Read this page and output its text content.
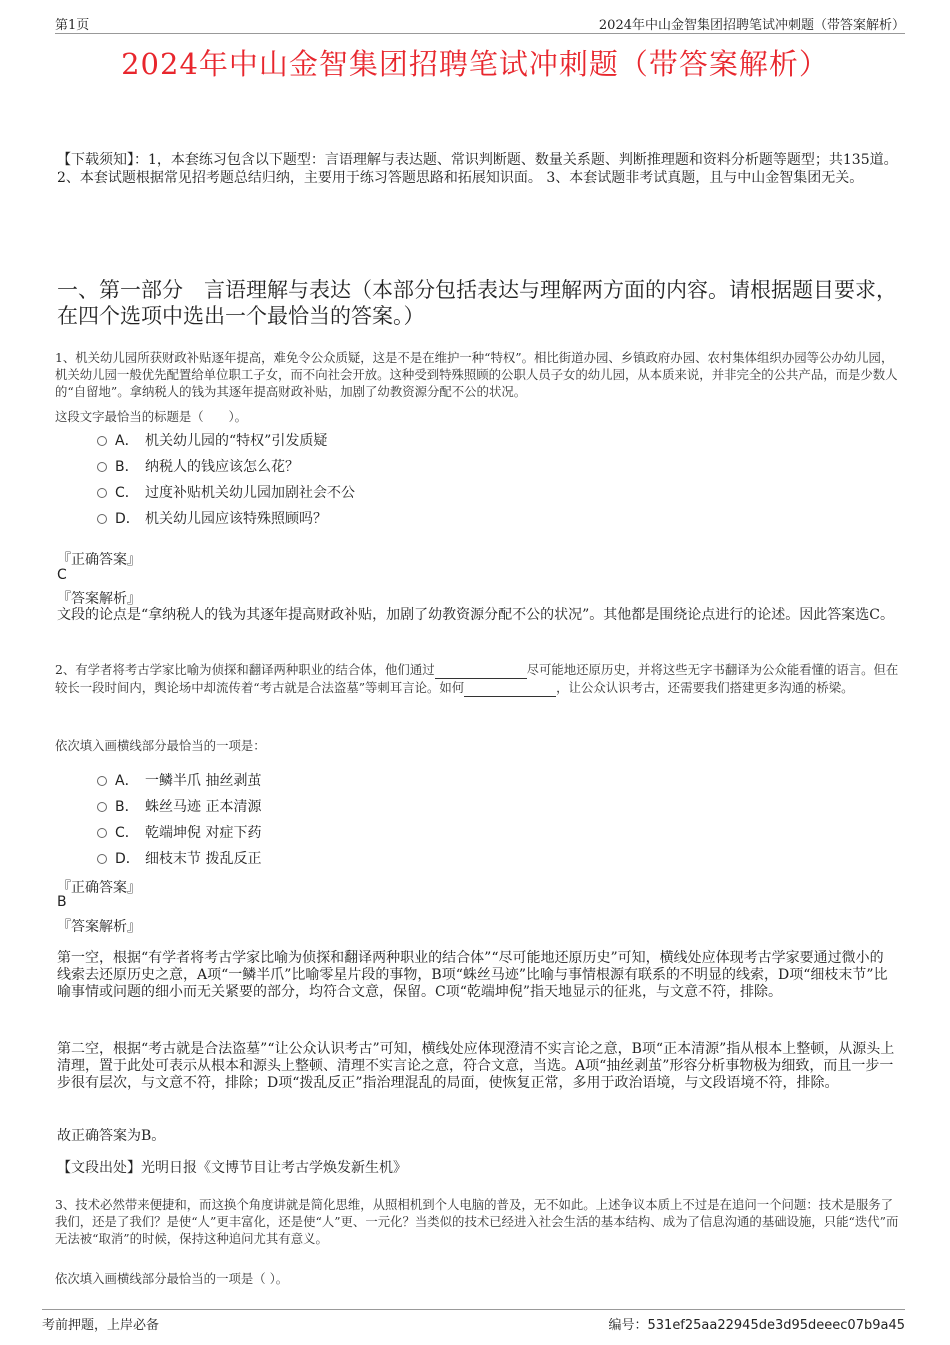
第1页	2024年中山金智集团招聘笔试冲刺题（带答案解析）
2024年中山金智集团招聘笔试冲刺题（带答案解析）
【下载须知】：1，本套练习包含以下题型：言语理解与表达题、常识判断题、数量关系题、判断推理题和资料分析题等题型；共135道。 2、本套试题根据常见招考题总结归纳，主要用于练习答题思路和拓展知识面。 3、本套试题非考试真题，且与中山金智集团无关。
一、第一部分　言语理解与表达（本部分包括表达与理解两方面的内容。请根据题目要求，在四个选项中选出一个最恰当的答案。）
1、机关幼儿园所获财政补贴逐年提高，难免令公众质疑，这是不是在维护一种“特权”。相比街道办园、乡镇政府办园、农村集体组织办园等公办幼儿园，机关幼儿园一般优先配置给单位职工子女，而不向社会开放。这种受到特殊照顾的公职人员子女的幼儿园，从本质来说，并非完全的公共产品，而是少数人的“自留地”。拿纳税人的钱为其逐年提高财政补贴，加剧了幼教资源分配不公的状况。
这段文字最恰当的标题是（　　）。
A． 机关幼儿园的“特权”引发质疑
B． 纳税人的钱应该怎么花？
C． 过度补贴机关幼儿园加剧社会不公
D． 机关幼儿园应该特殊照顾吗？
『正确答案』
C
『答案解析』
文段的论点是“拿纳税人的钱为其逐年提高财政补贴，加剧了幼教资源分配不公的状况”。其他都是围绕论点进行的论述。因此答案选C。
2、有学者将考古学家比喻为侦探和翻译两种职业的结合体，他们通过	尽可能地还原历史，并将这些无字书翻译为公众能看懂的语言。但在较长一段时间内，舆论场中却流传着“考古就是合法盗墓”等刺耳言论。如何	，让公众认识考古，还需要我们搭建更多沟通的桥梁。
依次填入画横线部分最恰当的一项是：
A． 一鳞半爪 抽丝剥茧
B． 蛛丝马迹 正本清源
C． 乾端坤倪 对症下药
D． 细枝末节 拨乱反正
『正确答案』
B
『答案解析』
第一空，根据“有学者将考古学家比喻为侦探和翻译两种职业的结合体”“尽可能地还原历史”可知，横线处应体现考古学家要通过微小的线索去还原历史之意，A项“一鳞半爪”比喻零星片段的事物，B项“蛛丝马迹”比喻与事情根源有联系的不明显的线索，D项“细枝末节”比喻事情或问题的细小而无关紧要的部分，均符合文意，保留。C项“乾端坤倪”指天地显示的征兆，与文意不符，排除。
第二空，根据“考古就是合法盗墓”“让公众认识考古”可知，横线处应体现澄清不实言论之意，B项“正本清源”指从根本上整顿，从源头上清理，置于此处可表示从根本和源头上整顿、清理不实言论之意，符合文意，当选。A项“抽丝剥茧”形容分析事物极为细致，而且一步一步很有层次，与文意不符，排除；D项“拨乱反正”指治理混乱的局面，使恢复正常，多用于政治语境，与文段语境不符，排除。
故正确答案为B。
【文段出处】光明日报《文博节目让考古学焕发新生机》
3、技术必然带来便捷和，而这换个角度讲就是简化思维，从照相机到个人电脑的普及，无不如此。上述争议本质上不过是在追问一个问题：技术是服务了我们，还是了我们？是使“人”更丰富化，还是使“人”更、一元化？当类似的技术已经进入社会生活的基本结构、成为了信息沟通的基础设施，只能“迭代”而无法被“取消”的时候，保持这种追问尤其有意义。
依次填入画横线部分最恰当的一项是（ ）。
考前押题，上岸必备	编号：531ef25aa22945de3d95deeec07b9a45
